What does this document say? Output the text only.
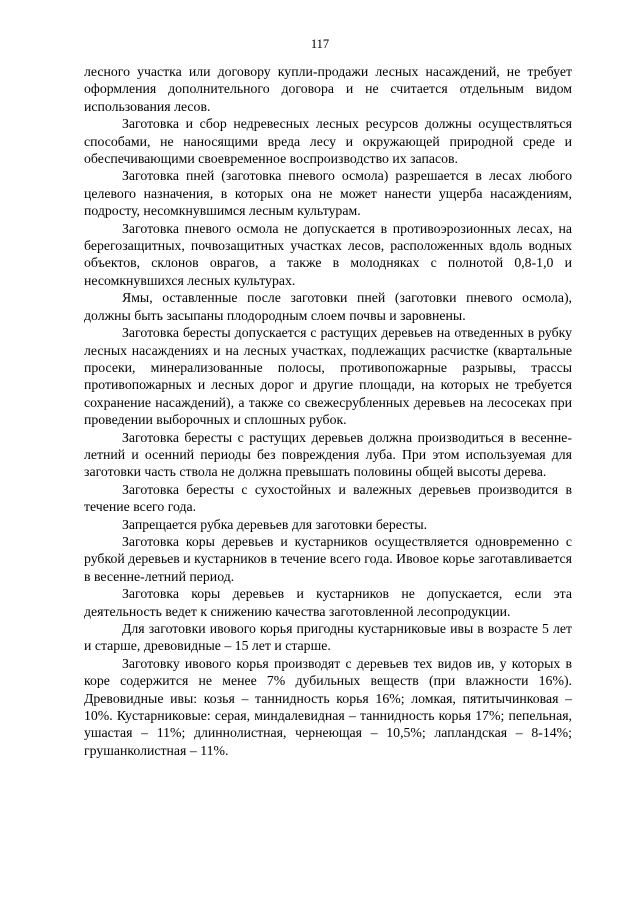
117

лесного участка или договору купли-продажи лесных насаждений, не требует оформления дополнительного договора и не считается отдельным видом использования лесов.

Заготовка и сбор недревесных лесных ресурсов должны осуществляться способами, не наносящими вреда лесу и окружающей природной среде и обеспечивающими своевременное воспроизводство их запасов.

Заготовка пней (заготовка пневого осмола) разрешается в лесах любого целевого назначения, в которых она не может нанести ущерба насаждениям, подросту, несомкнувшимся лесным культурам.

Заготовка пневого осмола не допускается в противоэрозионных лесах, на берегозащитных, почвозащитных участках лесов, расположенных вдоль водных объектов, склонов оврагов, а также в молодняках с полнотой 0,8-1,0 и несомкнувшихся лесных культурах.

Ямы, оставленные после заготовки пней (заготовки пневого осмола), должны быть засыпаны плодородным слоем почвы и заровнены.

Заготовка бересты допускается с растущих деревьев на отведенных в рубку лесных насаждениях и на лесных участках, подлежащих расчистке (квартальные просеки, минерализованные полосы, противопожарные разрывы, трассы противопожарных и лесных дорог и другие площади, на которых не требуется сохранение насаждений), а также со свежесрубленных деревьев на лесосеках при проведении выборочных и сплошных рубок.

Заготовка бересты с растущих деревьев должна производиться в весенне-летний и осенний периоды без повреждения луба. При этом используемая для заготовки часть ствола не должна превышать половины общей высоты дерева.

Заготовка бересты с сухостойных и валежных деревьев производится в течение всего года.

Запрещается рубка деревьев для заготовки бересты.

Заготовка коры деревьев и кустарников осуществляется одновременно с рубкой деревьев и кустарников в течение всего года. Ивовое корье заготавливается в весенне-летний период.

Заготовка коры деревьев и кустарников не допускается, если эта деятельность ведет к снижению качества заготовленной лесопродукции.

Для заготовки ивового корья пригодны кустарниковые ивы в возрасте 5 лет и старше, древовидные – 15 лет и старше.

Заготовку ивового корья производят с деревьев тех видов ив, у которых в коре содержится не менее 7% дубильных веществ (при влажности 16%). Древовидные ивы: козья – таннидность корья 16%; ломкая, пятитычинковая – 10%. Кустарниковые: серая, миндалевидная – таннидность корья 17%; пепельная, ушастая – 11%; длиннолистная, чернеющая – 10,5%; лапландская – 8-14%; грушанколистная – 11%.
